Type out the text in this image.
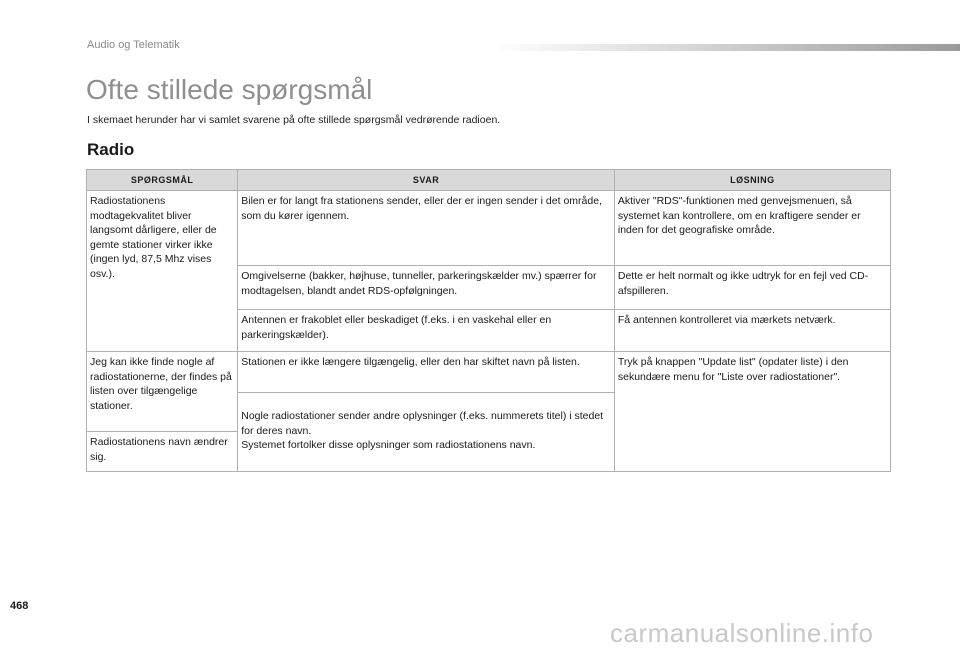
Audio og Telematik
Ofte stillede spørgsmål
I skemaet herunder har vi samlet svarene på ofte stillede spørgsmål vedrørende radioen.
Radio
SPØRGSMÅL	SVAR	LØSNING
Radiostationens modtagekvalitet bliver langsomt dårligere, eller de gemte stationer virker ikke (ingen lyd, 87,5 Mhz vises osv.).	Bilen er for langt fra stationens sender, eller der er ingen sender i det område, som du kører igennem.	Aktiver "RDS"-funktionen med genvejsmenuen, så systemet kan kontrollere, om en kraftigere sender er inden for det geografiske område.
	Omgivelserne (bakker, højhuse, tunneller, parkeringskælder mv.) spærrer for modtagelsen, blandt andet RDS-opfølgningen.	Dette er helt normalt og ikke udtryk for en fejl ved CD-afspilleren.
	Antennen er frakoblet eller beskadiget (f.eks. i en vaskehal eller en parkeringskælder).	Få antennen kontrolleret via mærkets netværk.
Jeg kan ikke finde nogle af radiostationerne, der findes på listen over tilgængelige stationer.	Stationen er ikke længere tilgængelig, eller den har skiftet navn på listen.	Tryk på knappen "Update list" (opdater liste) i den sekundære menu for "Liste over radiostationer".
	Nogle radiostationer sender andre oplysninger (f.eks. nummerets titel) i stedet for deres navn.
Systemet fortolker disse oplysninger som radiostationens navn.	
Radiostationens navn ændrer sig.		
468
carmanualsonline.info
